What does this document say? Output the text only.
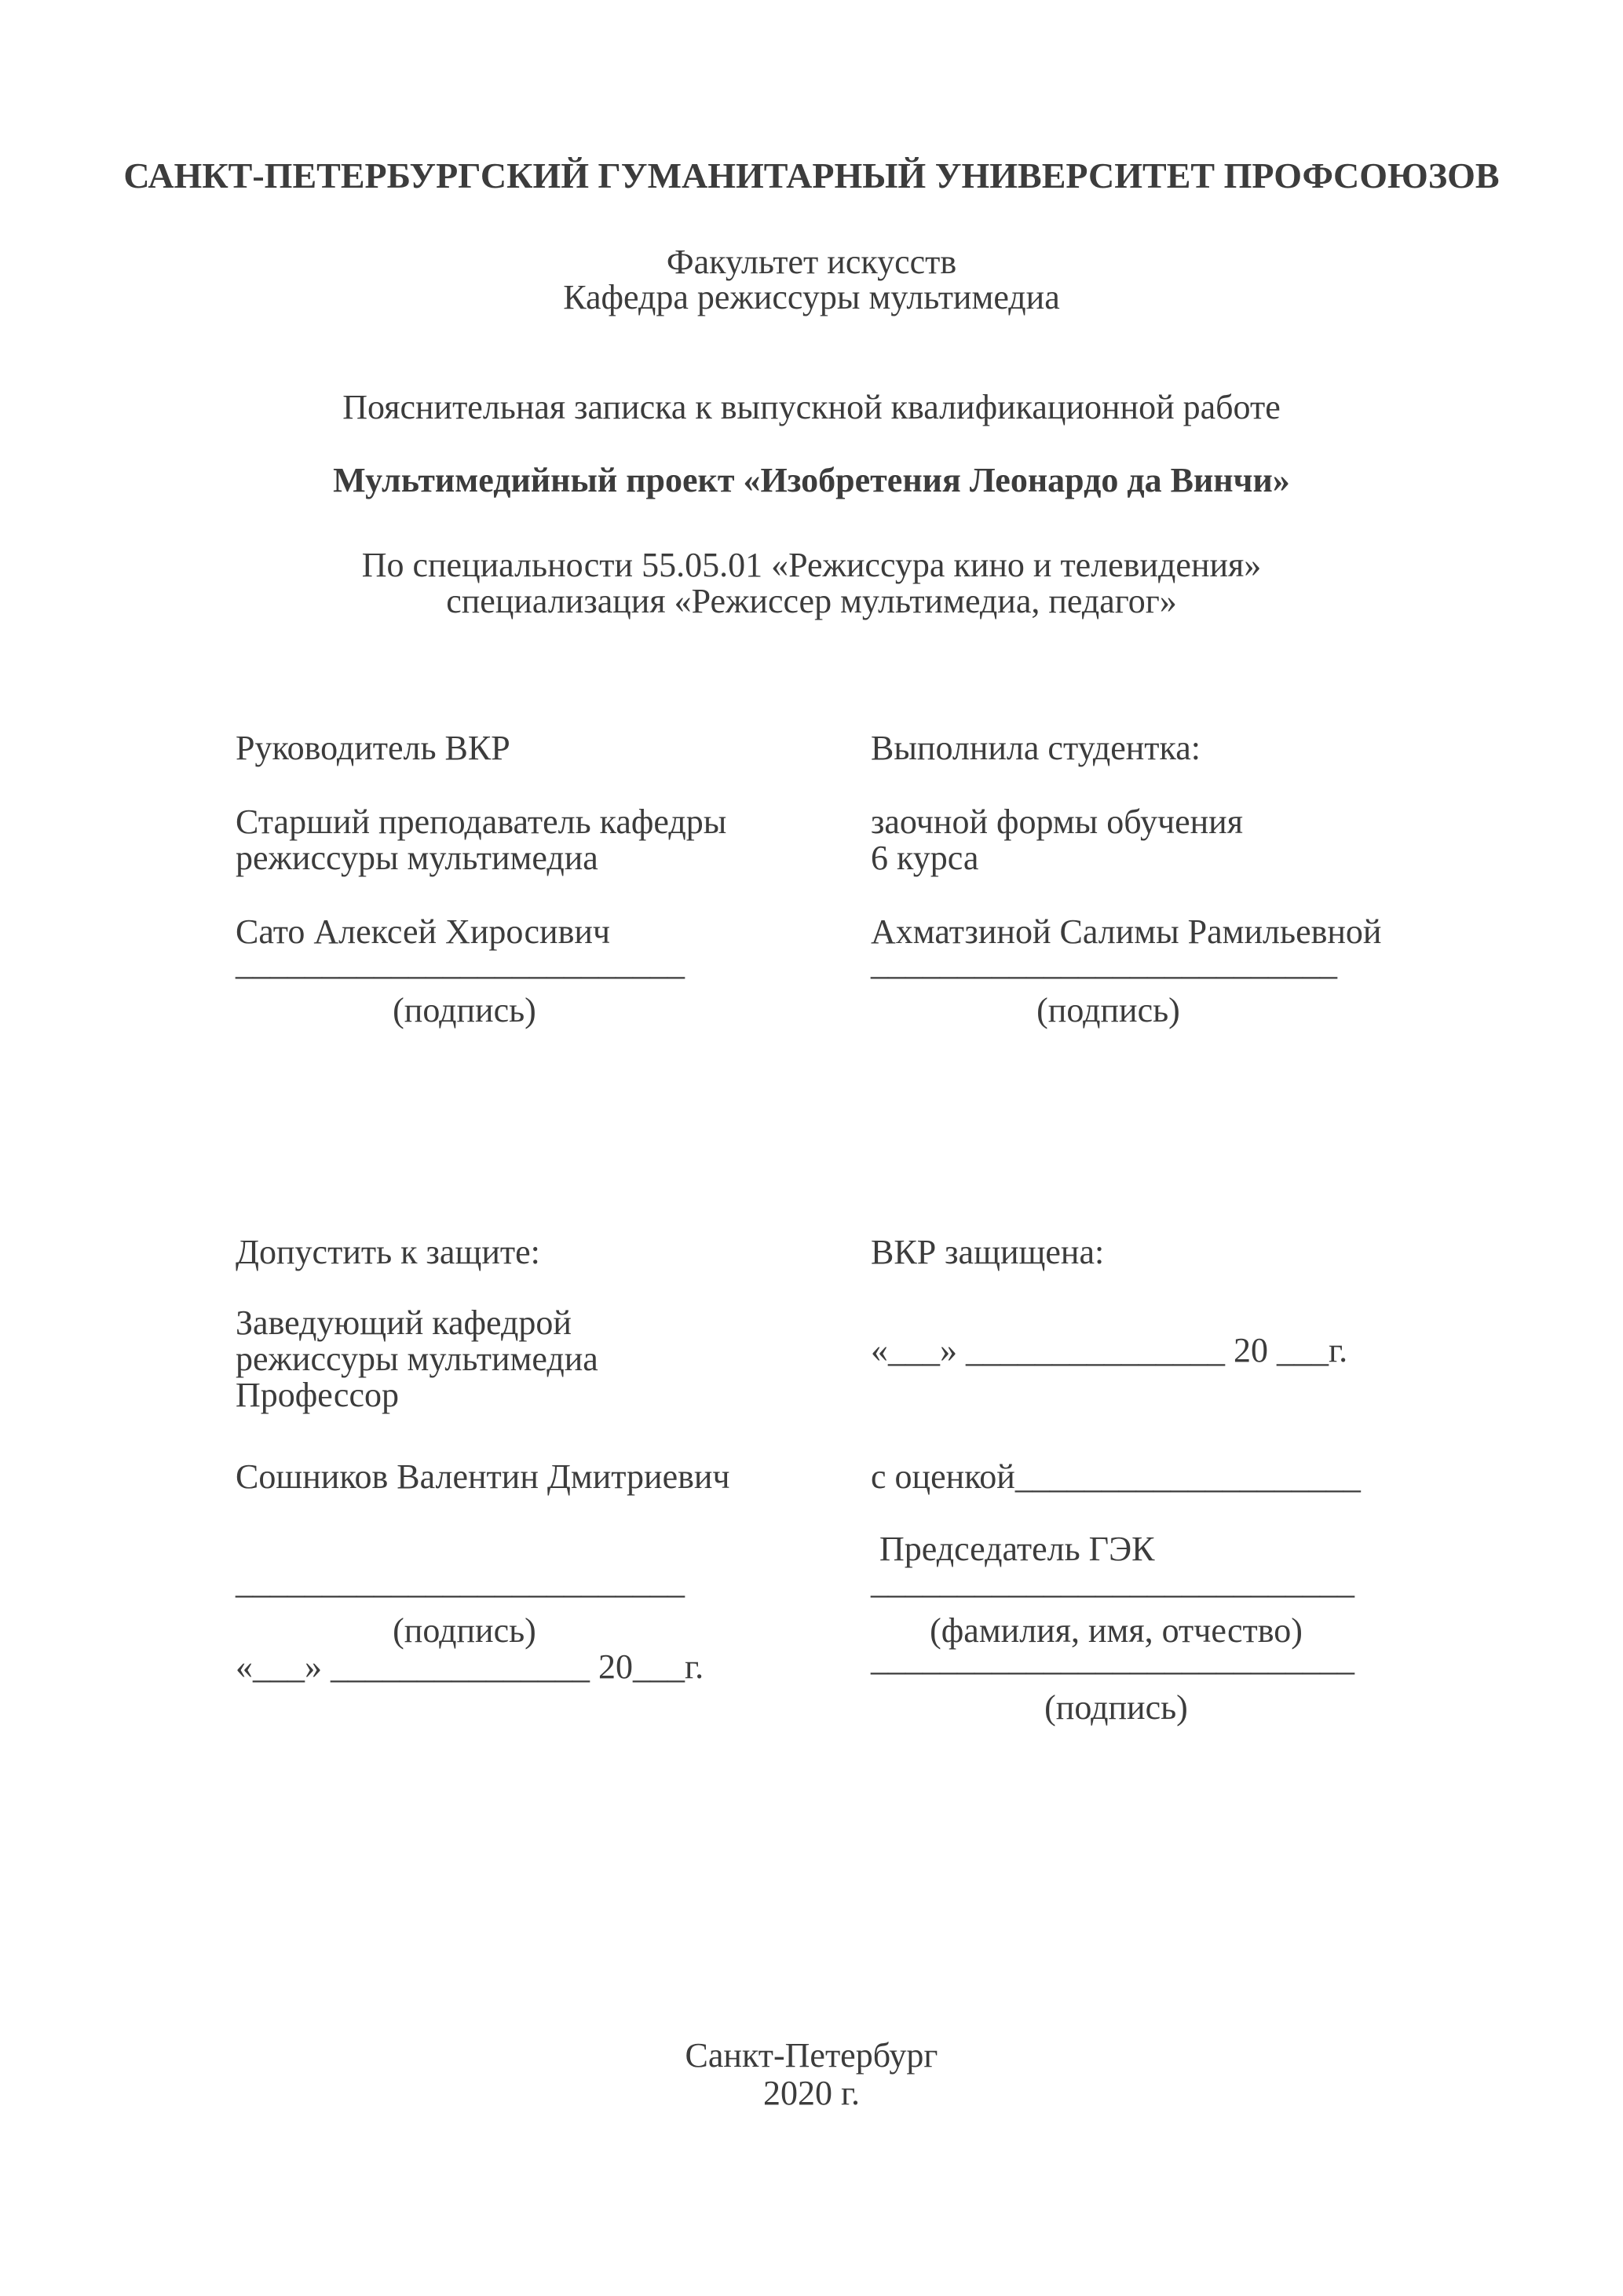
САНКТ-ПЕТЕРБУРГСКИЙ ГУМАНИТАРНЫЙ УНИВЕРСИТЕТ ПРОФСОЮЗОВ
Факультет искусств
Кафедра режиссуры мультимедиа
Пояснительная записка к выпускной квалификационной работе
Мультимедийный проект «Изобретения Леонардо да Винчи»
По специальности 55.05.01 «Режиссура кино и телевидения»
специализация «Режиссер мультимедиа, педагог»
Руководитель ВКР
Старший преподаватель кафедры
режиссуры мультимедиа
Сато Алексей Хиросивич
__________________________
(подпись)
Выполнила студентка:
заочной формы обучения
6 курса
Ахматзиной Салимы Рамильевной
___________________________
(подпись)
Допустить к защите:
Заведующий кафедрой
режиссуры мультимедиа
Профессор
Сошников Валентин Дмитриевич
__________________________
(подпись)
«___» _______________ 20___г.
ВКР защищена:
«___» _______________ 20 ___г.
с оценкой____________________
Председатель ГЭК
____________________________
(фамилия, имя, отчество)
____________________________
(подпись)
Санкт-Петербург
2020 г.
